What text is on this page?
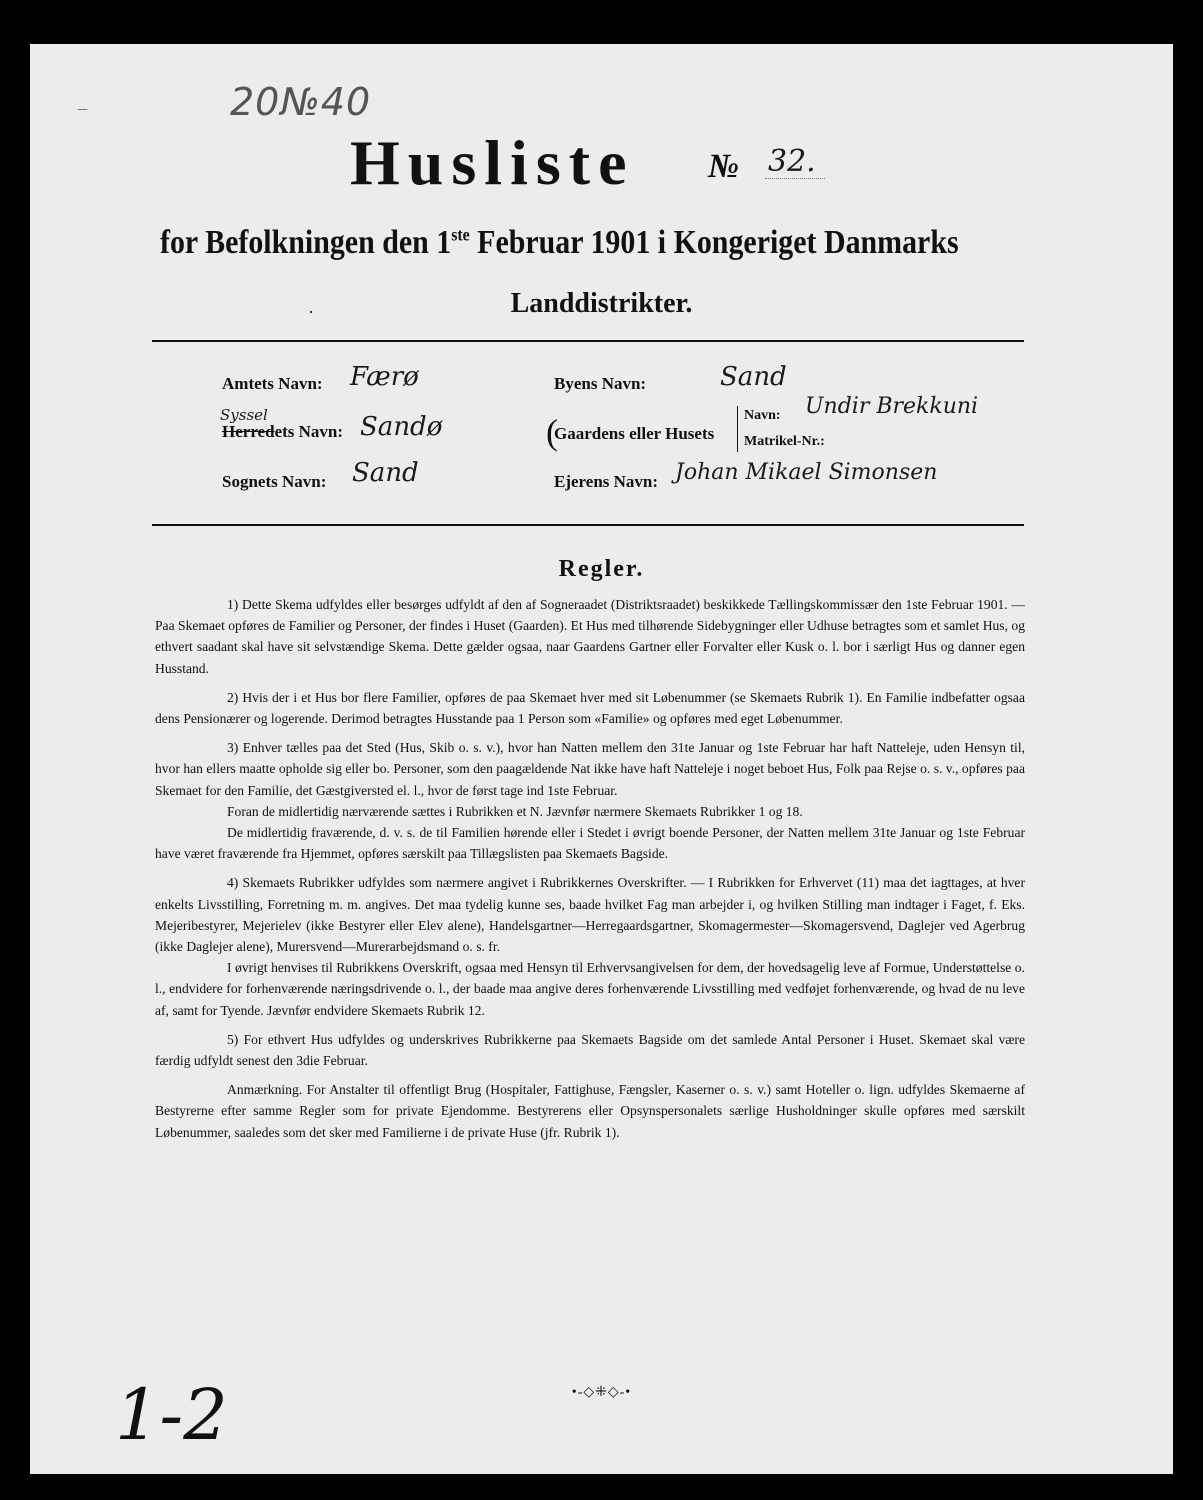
–	20№40
Husliste № 32.
for Befolkningen den 1ste Februar 1901 i Kongeriget Danmarks
·	Landdistrikter.
Amtets Navn: Færø
Syssel
Herredets Navn: Sandø
Sognets Navn: Sand
Byens Navn:	Sand
(
Gaardens eller Husets
Navn: Undir Brekkuni
Matrikel-Nr.:
Ejerens Navn: Johan Mikael Simonsen
Regler.

1) Dette Skema udfyldes eller besørges udfyldt af den af Sogneraadet (Distriktsraadet) beskikkede Tællingskommissær den 1ste Februar 1901. — Paa Skemaet opføres de Familier og Personer, der findes i Huset (Gaarden). Et Hus med tilhørende Sidebygninger eller Udhuse betragtes som et samlet Hus, og ethvert saadant skal have sit selvstændige Skema. Dette gælder ogsaa, naar Gaardens Gartner eller Forvalter eller Kusk o. l. bor i særligt Hus og danner egen Husstand.

2) Hvis der i et Hus bor flere Familier, opføres de paa Skemaet hver med sit Løbenummer (se Skemaets Rubrik 1). En Familie indbefatter ogsaa dens Pensionærer og logerende. Derimod betragtes Husstande paa 1 Person som «Familie» og opføres med eget Løbenummer.

3) Enhver tælles paa det Sted (Hus, Skib o. s. v.), hvor han Natten mellem den 31te Januar og 1ste Februar har haft Natteleje, uden Hensyn til, hvor han ellers maatte opholde sig eller bo. Personer, som den paagældende Nat ikke have haft Natteleje i noget beboet Hus, Folk paa Rejse o. s. v., opføres paa Skemaet for den Familie, det Gæstgiversted el. l., hvor de først tage ind 1ste Februar.

Foran de midlertidig nærværende sættes i Rubrikken et N. Jævnfør nærmere Skemaets Rubrikker 1 og 18.

De midlertidig fraværende, d. v. s. de til Familien hørende eller i Stedet i øvrigt boende Personer, der Natten mellem 31te Januar og 1ste Februar have været fraværende fra Hjemmet, opføres særskilt paa Tillægslisten paa Skemaets Bagside.

4) Skemaets Rubrikker udfyldes som nærmere angivet i Rubrikkernes Overskrifter. — I Rubrikken for Erhvervet (11) maa det iagttages, at hver enkelts Livsstilling, Forretning m. m. angives. Det maa tydelig kunne ses, baade hvilket Fag man arbejder i, og hvilken Stilling man indtager i Faget, f. Eks. Mejeribestyrer, Mejerielev (ikke Bestyrer eller Elev alene), Handelsgartner—Herregaardsgartner, Skomagermester—Skomagersvend, Daglejer ved Agerbrug (ikke Daglejer alene), Murersvend—Murerarbejdsmand o. s. fr.

I øvrigt henvises til Rubrikkens Overskrift, ogsaa med Hensyn til Erhvervsangivelsen for dem, der hovedsagelig leve af Formue, Understøttelse o. l., endvidere for forhenværende næringsdrivende o. l., der baade maa angive deres forhenværende Livsstilling med vedføjet forhenværende, og hvad de nu leve af, samt for Tyende. Jævnfør endvidere Skemaets Rubrik 12.

5) For ethvert Hus udfyldes og underskrives Rubrikkerne paa Skemaets Bagside om det samlede Antal Personer i Huset. Skemaet skal være færdig udfyldt senest den 3die Februar.

Anmærkning. For Anstalter til offentligt Brug (Hospitaler, Fattighuse, Fængsler, Kaserner o. s. v.) samt Hoteller o. lign. udfyldes Skemaerne af Bestyrerne efter samme Regler som for private Ejendomme. Bestyrerens eller Opsynspersonalets særlige Husholdninger skulle opføres med særskilt Løbenummer, saaledes som det sker med Familierne i de private Huse (jfr. Rubrik 1).

•-◇⁜◇-•
1-2
